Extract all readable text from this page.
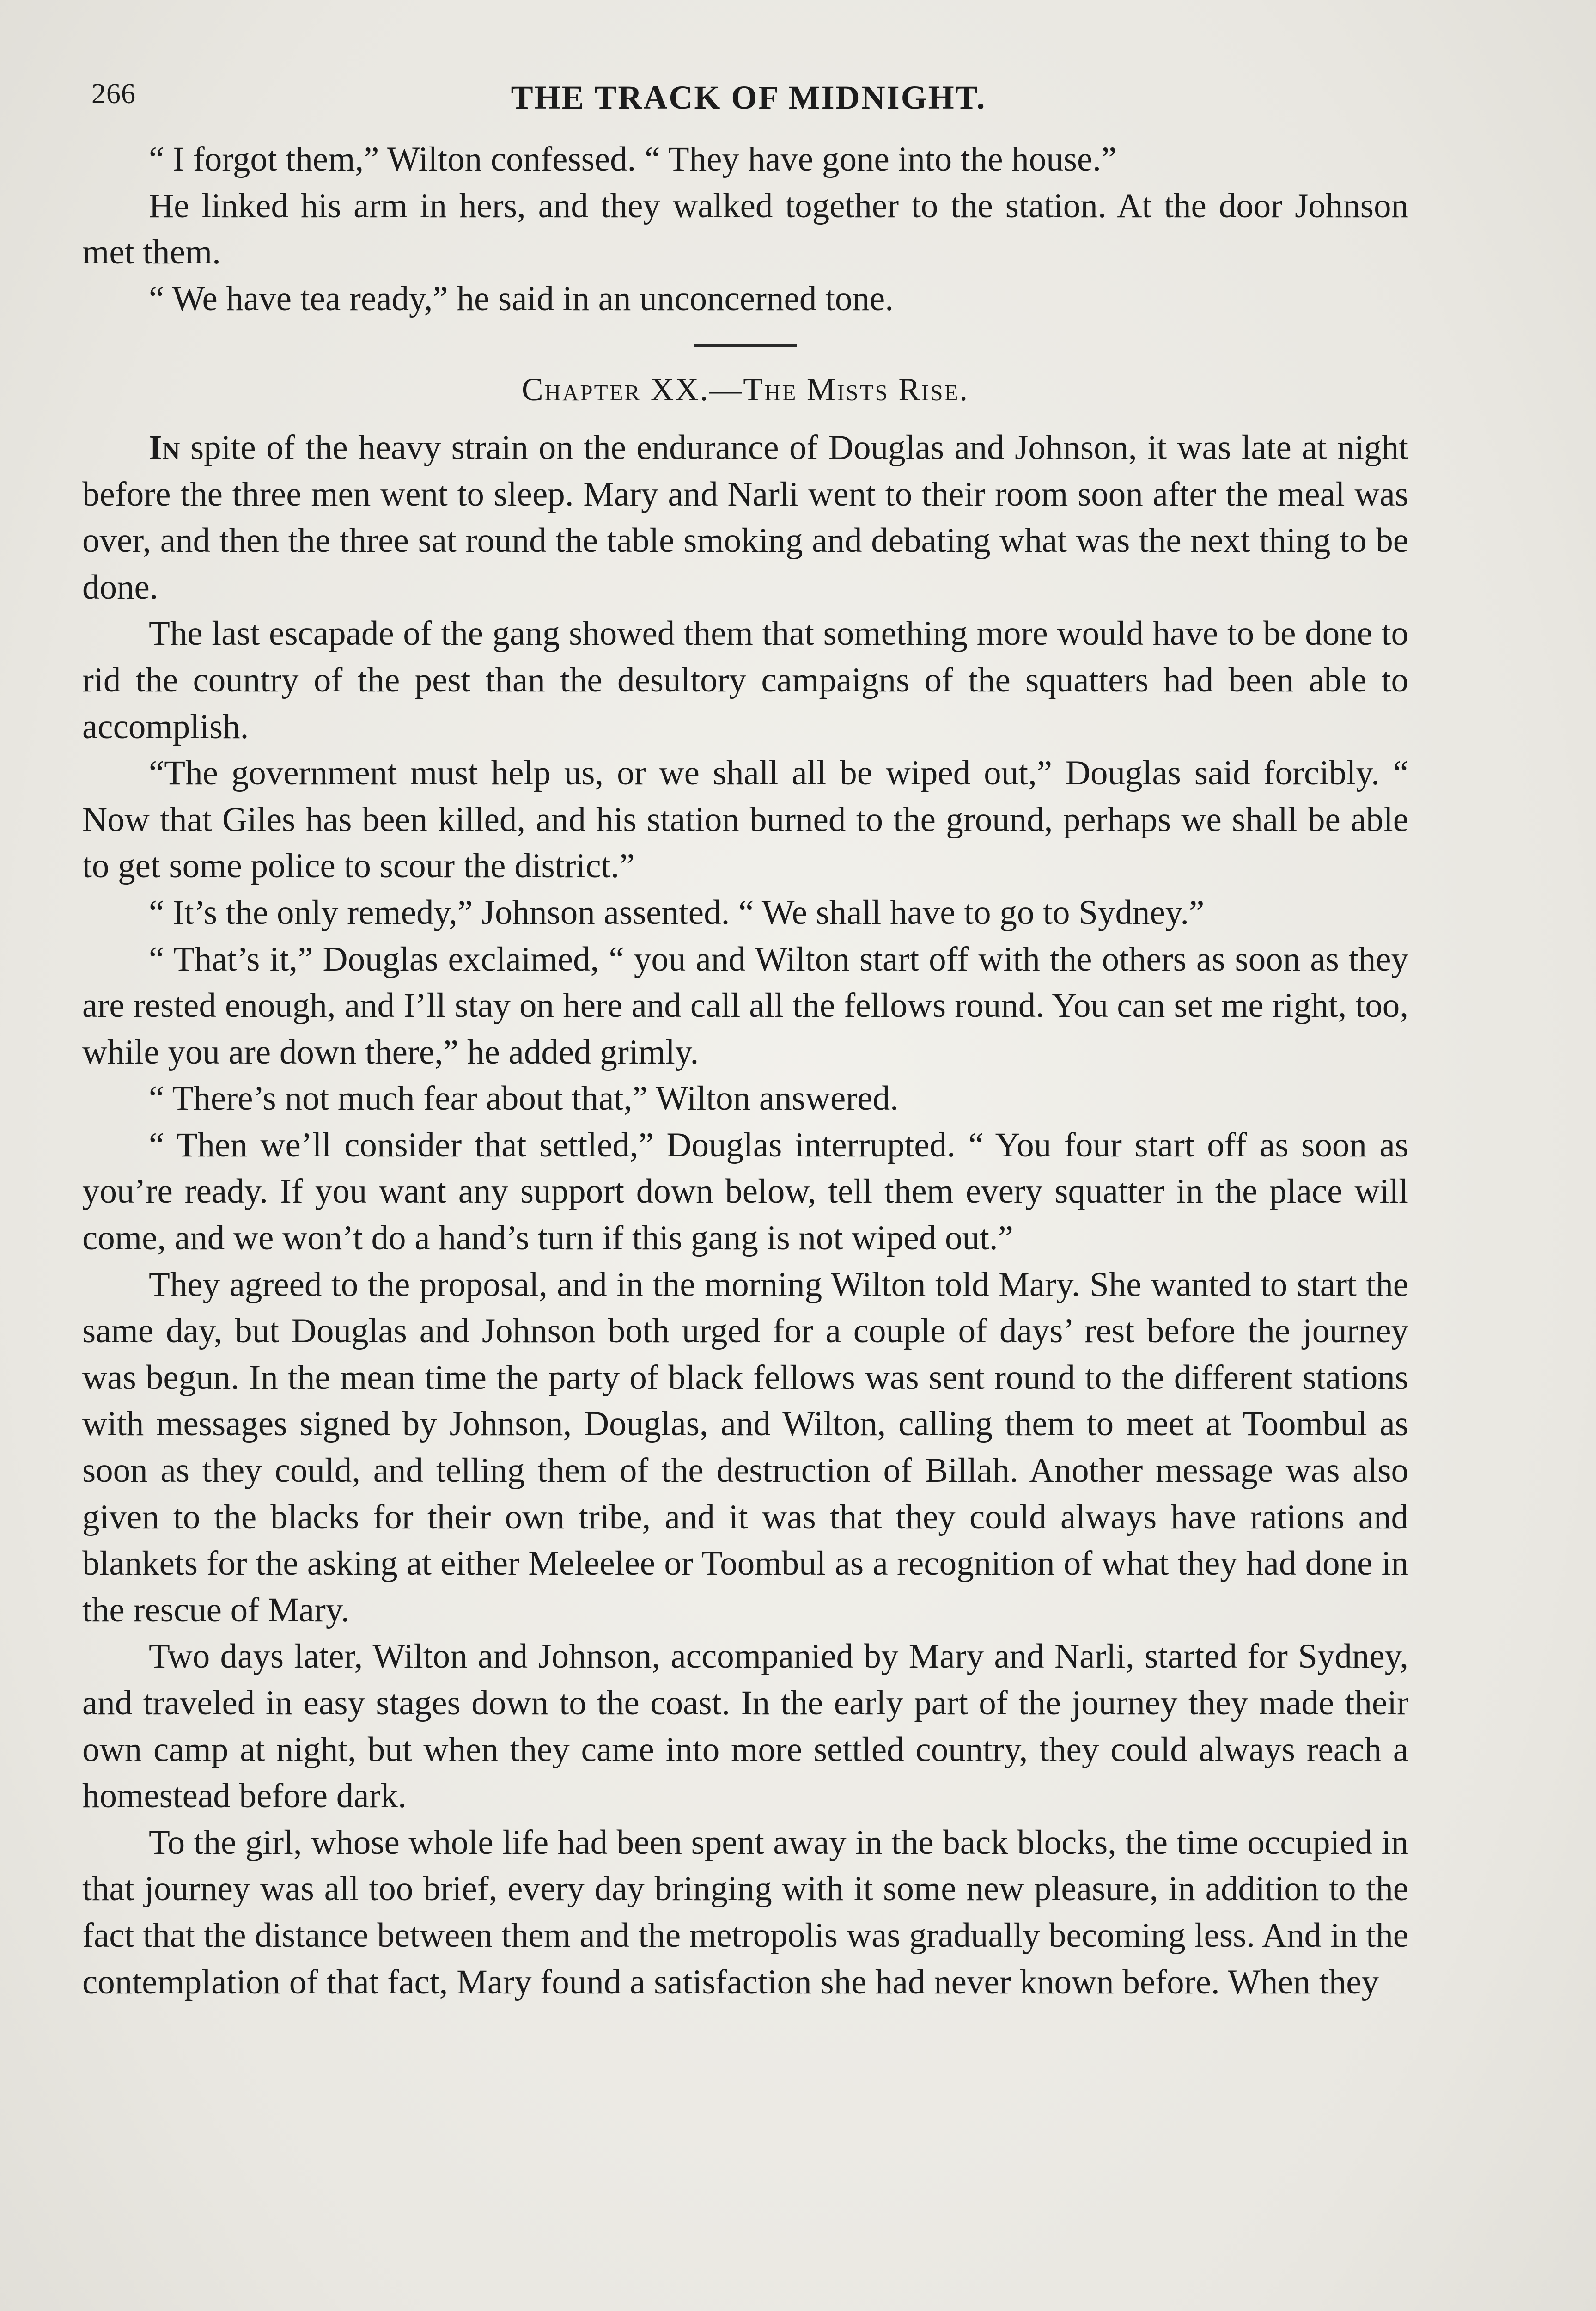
266	THE TRACK OF MIDNIGHT.

“ I forgot them,” Wilton confessed. “ They have gone into the house.”

He linked his arm in hers, and they walked together to the station. At the door Johnson met them.

“ We have tea ready,” he said in an unconcerned tone.

Chapter XX.—The Mists Rise.

In spite of the heavy strain on the endurance of Douglas and Johnson, it was late at night before the three men went to sleep. Mary and Narli went to their room soon after the meal was over, and then the three sat round the table smoking and debating what was the next thing to be done.

The last escapade of the gang showed them that something more would have to be done to rid the country of the pest than the desultory campaigns of the squatters had been able to accomplish.

“The government must help us, or we shall all be wiped out,” Douglas said forcibly. “ Now that Giles has been killed, and his station burned to the ground, perhaps we shall be able to get some police to scour the district.”

“ It’s the only remedy,” Johnson assented. “ We shall have to go to Sydney.”

“ That’s it,” Douglas exclaimed, “ you and Wilton start off with the others as soon as they are rested enough, and I’ll stay on here and call all the fellows round. You can set me right, too, while you are down there,” he added grimly.

“ There’s not much fear about that,” Wilton answered.

“ Then we’ll consider that settled,” Douglas interrupted. “ You four start off as soon as you’re ready. If you want any support down below, tell them every squatter in the place will come, and we won’t do a hand’s turn if this gang is not wiped out.”

They agreed to the proposal, and in the morning Wilton told Mary. She wanted to start the same day, but Douglas and Johnson both urged for a couple of days’ rest before the journey was begun. In the mean time the party of black fellows was sent round to the different stations with messages signed by Johnson, Douglas, and Wilton, calling them to meet at Toombul as soon as they could, and telling them of the destruction of Billah. Another message was also given to the blacks for their own tribe, and it was that they could always have rations and blankets for the asking at either Meleelee or Toombul as a recognition of what they had done in the rescue of Mary.

Two days later, Wilton and Johnson, accompanied by Mary and Narli, started for Sydney, and traveled in easy stages down to the coast. In the early part of the journey they made their own camp at night, but when they came into more settled country, they could always reach a homestead before dark.

To the girl, whose whole life had been spent away in the back blocks, the time occupied in that journey was all too brief, every day bringing with it some new pleasure, in addition to the fact that the distance between them and the metropolis was gradually becoming less. And in the contemplation of that fact, Mary found a satisfaction she had never known before. When they
